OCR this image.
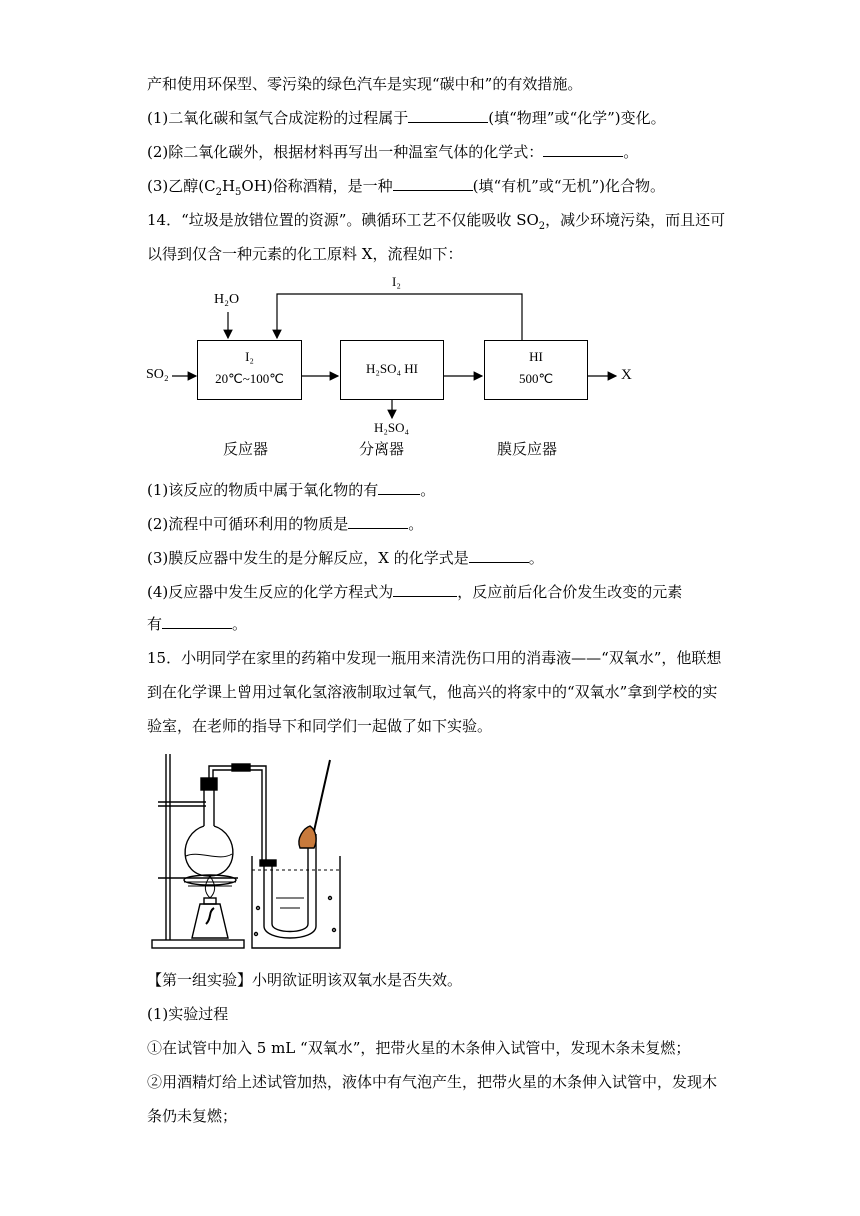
产和使用环保型、零污染的绿色汽车是实现“碳中和”的有效措施。
(1)二氧化碳和氢气合成淀粉的过程属于	(填“物理”或“化学”)变化。
(2)除二氧化碳外，根据材料再写出一种温室气体的化学式：	。
(3)乙醇$(C_2H_5OH)$俗称酒精，是一种	(填“有机”或“无机”)化合物。
14．“垃圾是放错位置的资源”。碘循环工艺不仅能吸收 $SO_2$，减少环境污染，而且还可
以得到仅含一种元素的化工原料 X，流程如下：
H₂O
I₂
SO₂
I₂
20℃~100℃
H₂SO₄ HI
HI
500℃	X
H₂SO₄
反应器	分离器	膜反应器
(1)该反应的物质中属于氧化物的有	。
(2)流程中可循环利用的物质是	。
(3)膜反应器中发生的是分解反应，X 的化学式是	。
(4)反应器中发生反应的化学方程式为	，反应前后化合价发生改变的元素
有	。
15．小明同学在家里的药箱中发现一瓶用来清洗伤口用的消毒液——“双氧水”，他联想
到在化学课上曾用过氧化氢溶液制取过氧气，他高兴的将家中的“双氧水”拿到学校的实
验室，在老师的指导下和同学们一起做了如下实验。
【第一组实验】小明欲证明该双氧水是否失效。
(1)实验过程
①在试管中加入 5 mL “双氧水”，把带火星的木条伸入试管中，发现木条未复燃；
②用酒精灯给上述试管加热，液体中有气泡产生，把带火星的木条伸入试管中，发现木
条仍未复燃；
